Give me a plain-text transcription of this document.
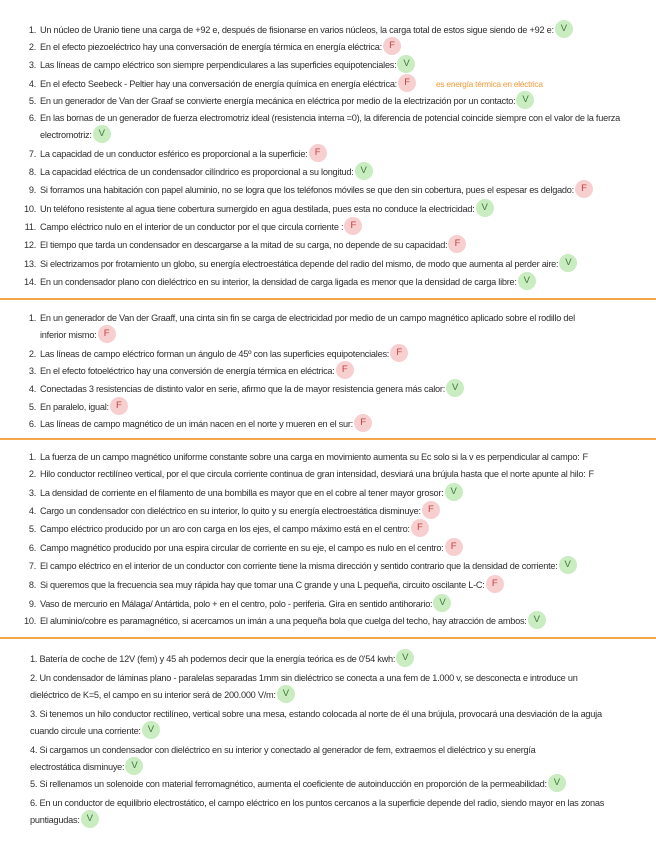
1. Un núcleo de Uranio tiene una carga de +92 e, después de fisionarse en varios núcleos, la carga total de estos sigue siendo de +92 e: V
2. En el efecto piezoeléctrico hay una conversación de energía térmica en energía eléctrica: F
3. Las líneas de campo eléctrico son siempre perpendiculares a las superficies equipotenciales: V
4. En el efecto Seebeck - Peltier hay una conversación de energía química en energía eléctrica: F	es energía térmica en eléctrica
5. En un generador de Van der Graaf se convierte energía mecánica en eléctrica por medio de la electrización por un contacto: V
6. En las bornas de un generador de fuerza electromotriz ideal (resistencia interna =0), la diferencia de potencial coincide siempre con el valor de la fuerza electromotriz: V
7. La capacidad de un conductor esférico es proporcional a la superficie: F
8. La capacidad eléctrica de un condensador cilíndrico es proporcional a su longitud: V
9. Si forramos una habitación con papel aluminio, no se logra que los teléfonos móviles se que den sin cobertura, pues el espesar es delgado: F
10. Un teléfono resistente al agua tiene cobertura sumergido en agua destilada, pues esta no conduce la electricidad: V
11. Campo eléctrico nulo en el interior de un conductor por el que circula corriente : F
12. El tiempo que tarda un condensador en descargarse a la mitad de su carga, no depende de su capacidad: F
13. Si electrizamos por frotamiento un globo, su energía electroestática depende del radio del mismo, de modo que aumenta al perder aire: V
14. En un condensador plano con dieléctrico en su interior, la densidad de carga ligada es menor que la densidad de carga libre: V
1. En un generador de Van der Graaff, una cinta sin fin se carga de electricidad por medio de un campo magnético aplicado sobre el rodillo del inferior mismo: F
2. Las líneas de campo eléctrico forman un ángulo de 45º con las superficies equipotenciales: F
3. En el efecto fotoeléctrico hay una conversión de energía térmica en eléctrica: F
4. Conectadas 3 resistencias de distinto valor en serie, afirmo que la de mayor resistencia genera más calor: V
5. En paralelo, igual: F
6. Las líneas de campo magnético de un imán nacen en el norte y mueren en el sur: F
1. La fuerza de un campo magnético uniforme constante sobre una carga en movimiento aumenta su Ec solo si la v es perpendicular al campo: F
2. Hilo conductor rectilíneo vertical, por el que circula corriente continua de gran intensidad, desviará una brújula hasta que el norte apunte al hilo: F
3. La densidad de corriente en el filamento de una bombilla es mayor que en el cobre al tener mayor grosor: V
4. Cargo un condensador con dieléctrico en su interior, lo quito y su energía electroestática disminuye: F
5. Campo eléctrico producido por un aro con carga en los ejes, el campo máximo está en el centro: F
6. Campo magnético producido por una espira circular de corriente en su eje, el campo es nulo en el centro: F
7. El campo eléctrico en el interior de un conductor con corriente tiene la misma dirección y sentido contrario que la densidad de corriente: V
8. Si queremos que la frecuencia sea muy rápida hay que tomar una C grande y una L pequeña, circuito oscilante L-C: F
9. Vaso de mercurio en Málaga/ Antártida, polo + en el centro, polo - periferia. Gira en sentido antihorario: V
10. El aluminio/cobre es paramagnético, si acercamos un imán a una pequeña bola que cuelga del techo, hay atracción de ambos: V
1. Batería de coche de 12V (fem) y 45 ah podemos decir que la energía teórica es de 0'54 kwh: V
2. Un condensador de láminas plano - paralelas separadas 1mm sin dieléctrico se conecta a una fem de 1.000 v, se desconecta e introduce un dieléctrico de K=5, el campo en su interior será de 200.000 V/m: V
3. Si tenemos un hilo conductor rectilíneo, vertical sobre una mesa, estando colocada al norte de él una brújula, provocará una desviación de la aguja cuando circule una corriente: V
4. Si cargamos un condensador con dieléctrico en su interior y conectado al generador de fem, extraemos el dieléctrico y su energía electrostática disminuye: V
5. Si rellenamos un solenoide con material ferromagnético, aumenta el coeficiente de autoinducción en proporción de la permeabilidad: V
6. En un conductor de equilibrio electrostático, el campo eléctrico en los puntos cercanos a la superficie depende del radio, siendo mayor en las zonas puntiagudas: V
